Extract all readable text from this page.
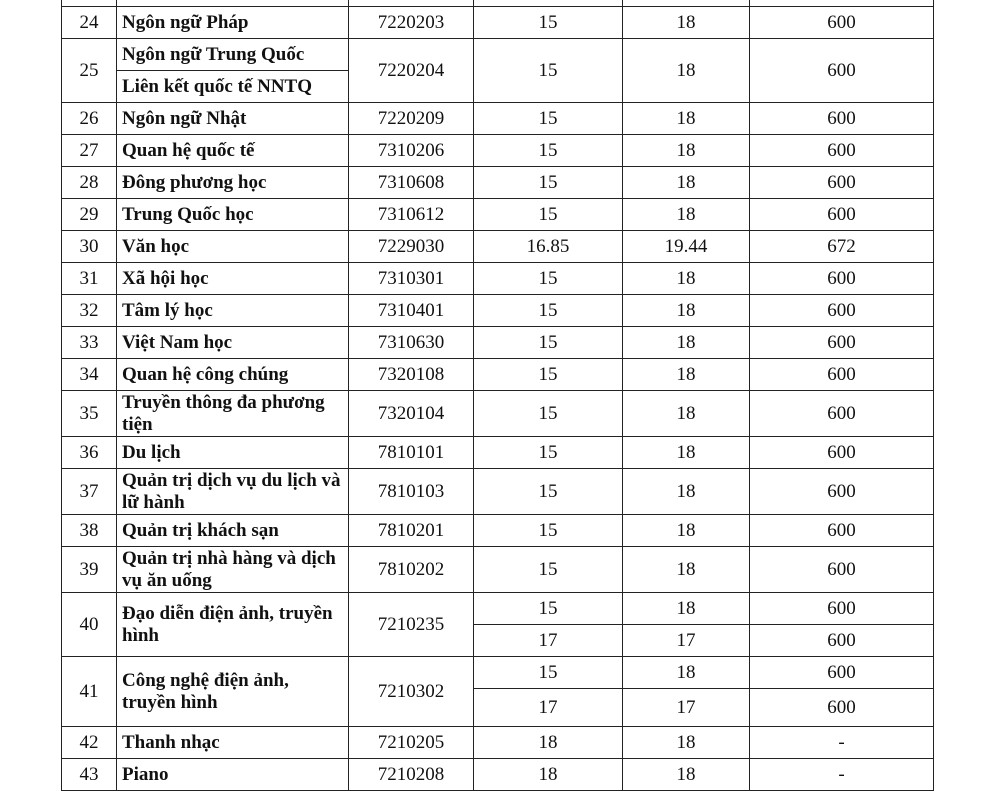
24	Ngôn ngữ Pháp	7220203	15	18	600
25	Ngôn ngữ Trung Quốc	7220204	15	18	600
	Liên kết quốc tế NNTQ				
26	Ngôn ngữ Nhật	7220209	15	18	600
27	Quan hệ quốc tế	7310206	15	18	600
28	Đông phương học	7310608	15	18	600
29	Trung Quốc học	7310612	15	18	600
30	Văn học	7229030	16.85	19.44	672
31	Xã hội học	7310301	15	18	600
32	Tâm lý học	7310401	15	18	600
33	Việt Nam học	7310630	15	18	600
34	Quan hệ công chúng	7320108	15	18	600
35	Truyền thông đa phương tiện	7320104	15	18	600
36	Du lịch	7810101	15	18	600
37	Quản trị dịch vụ du lịch và lữ hành	7810103	15	18	600
38	Quản trị khách sạn	7810201	15	18	600
39	Quản trị nhà hàng và dịch vụ ăn uống	7810202	15	18	600
40	Đạo diễn điện ảnh, truyền hình	7210235	15	18	600
			17	17	600
41	Công nghệ điện ảnh, truyền hình	7210302	15	18	600
			17	17	600
42	Thanh nhạc	7210205	18	18	-
43	Piano	7210208	18	18	-
